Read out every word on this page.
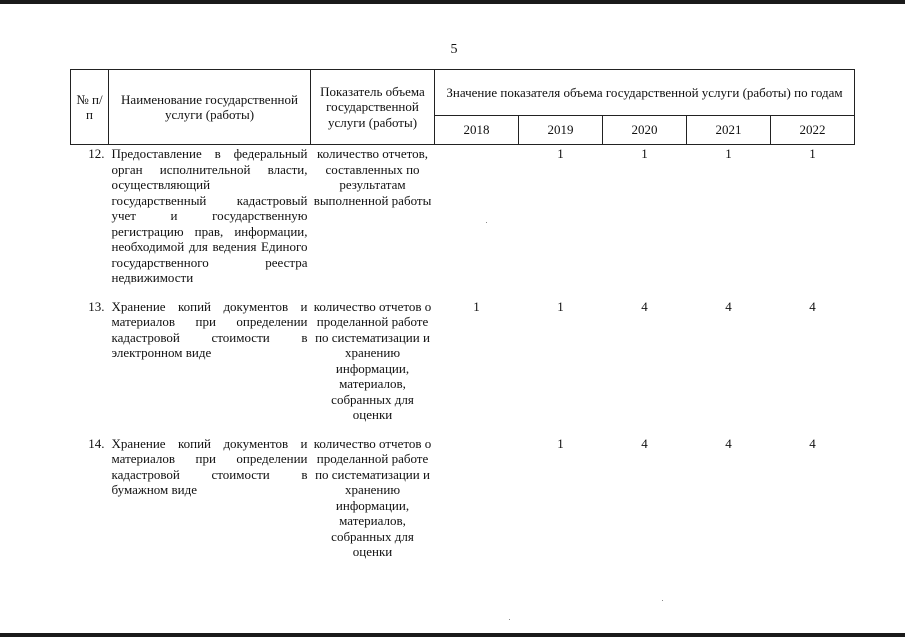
5
№ п/п	Наименование государственной услуги (работы)	Показатель объема государственной услуги (работы)	Значение показателя объема государственной услуги (работы) по годам				
			2018	2019	2020	2021	2022
12.	Предоставление в федеральный орган исполнительной власти, осуществляющий государственный кадастровый учет и государственную регистрацию прав, информации, необходимой для ведения Единого государственного реестра недвижимости	количество отчетов, составленных по результатам выполненной работы		1	1	1	1
13.	Хранение копий документов и материалов при определении кадастровой стоимости в электронном виде	количество отчетов о проделанной работе по систематизации и хранению информации, материалов, собранных для оценки	1	1	4	4	4
14.	Хранение копий документов и материалов при определении кадастровой стоимости в бумажном виде	количество отчетов о проделанной работе по систематизации и хранению информации, материалов, собранных для оценки		1	4	4	4
